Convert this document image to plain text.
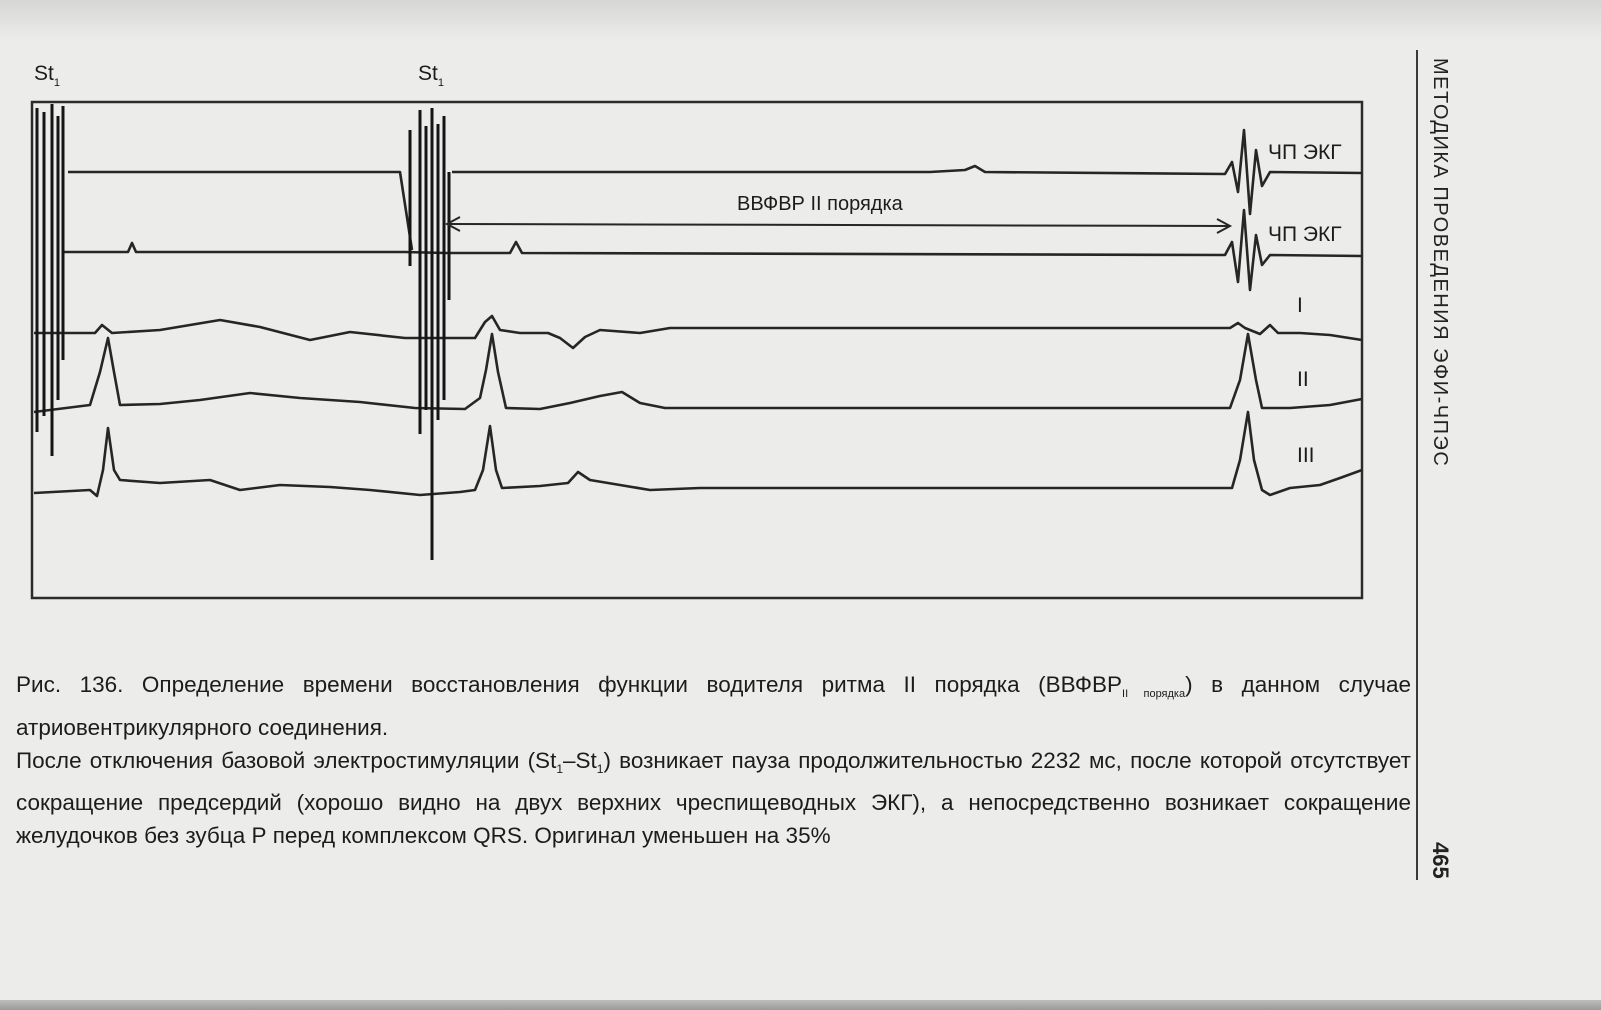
$St_1$	$St_1$
ВВФВР II порядка
ЧП ЭКГ
ЧП ЭКГ
I
II
III

Рис. 136. Определение времени восстановления функции водителя ритма II порядка $(ВВФВР_{II порядка})$ в данном случае атриовентрикулярного соединения.

После отключения базовой электростимуляции $(St_1-St_1)$ возникает пауза продолжительностью 2232 мс, после которой отсутствует сокращение предсердий (хорошо видно на двух верхних чреспищеводных ЭКГ), а непосредственно возникает сокращение желудочков без зубца Р перед комплексом QRS. Оригинал уменьшен на 35%

МЕТОДИКА ПРОВЕДЕНИЯ ЭФИ-ЧПЭС
465
